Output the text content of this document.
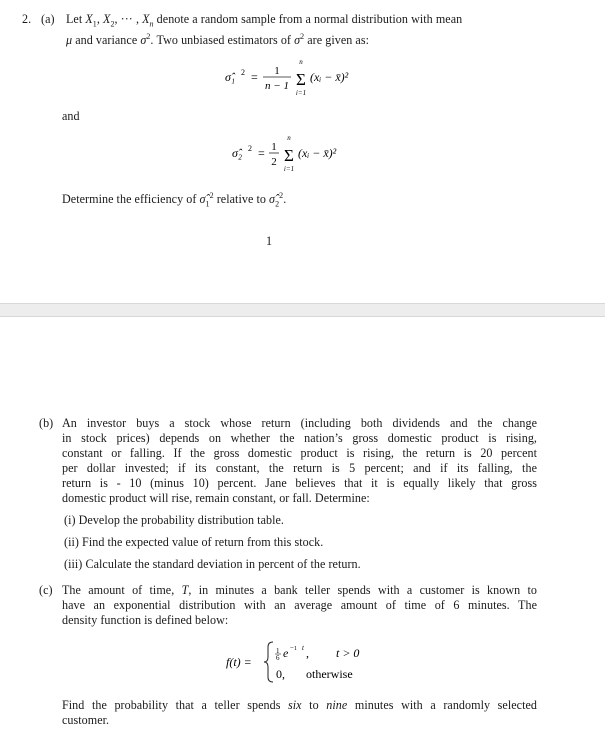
2. (a) Let $X_1$, $X_2$, ··· , $X_n$ denote a random sample from a normal distribution with mean
μ and variance $\sigma^2$. Two unbiased estimators of $\sigma^2$ are given as:
σ̂₁ 2 = 1
n − 1
n
Σ
i=1
(xᵢ − x̄)²
and
σ̂₂ 2 = 1
2
n
Σ
i=1
(xᵢ − x̄)²
Determine the efficiency of $\sigmâ_1^2$ relative to $\sigmâ_2^2$.
1
(b) An investor buys a stock whose return (including both dividends and the change
in stock prices) depends on whether the nation’s gross domestic product is rising,
constant or falling. If the gross domestic product is rising, the return is 20 percent
per dollar invested; if its constant, the return is 5 percent; and if its falling, the
return is - 10 (minus 10) percent. Jane believes that it is equally likely that gross
domestic product will rise, remain constant, or fall. Determine:
(i) Develop the probability distribution table.
(ii) Find the expected value of return from this stock.
(iii) Calculate the standard deviation in percent of the return.
(c) The amount of time, T, in minutes a bank teller spends with a customer is known to
have an exponential distribution with an average amount of time of 6 minutes. The
density function is defined below:
f(t) =
1
6 e −1 t , t > 0
0, otherwise
Find the probability that a teller spends six to nine minutes with a randomly selected
customer.
